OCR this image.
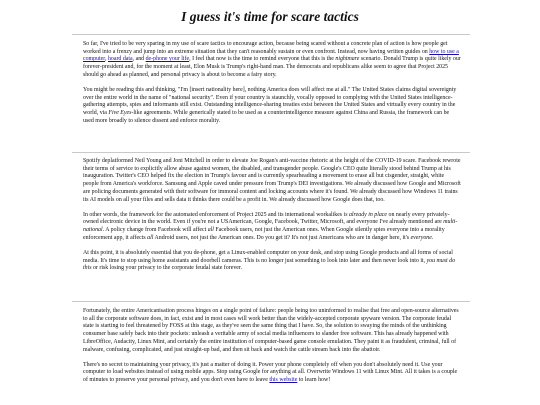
I guess it's time for scare tactics

So far, I've tried to be very sparing in my use of scare tactics to encourage action, because being scared without a concrete plan of action is how people get worked into a frenzy and jump into an extreme situation that they can't reasonably sustain or even confront. Instead, now having written guides on how to use a computer, hoard data, and de-phone your life, I feel that now is the time to remind everyone that this is the nightmare scenario. Donald Trump is quite likely our forever-president and, for the moment at least, Elon Musk is Trump's right-hand man. The democrats and republicans alike seem to agree that Project 2025 should go ahead as planned, and personal privacy is about to become a fairy story.

You might be reading this and thinking, "I'm [insert nationality here], nothing America does will affect me at all." The United States claims digital sovereignty over the entire world in the name of "national security". Even if your country is staunchly, vocally opposed to complying with the United States intelligence-gathering attempts, spies and informants still exist. Outstanding intelligence-sharing treaties exist between the United States and virtually every country in the world, via Five Eyes-like agreements. While generically stated to be used as a counterintelligence measure against China and Russia, the framework can be used more broadly to silence dissent and enforce morality.

Spotify deplatformed Neil Young and Joni Mitchell in order to elevate Joe Rogan's anti-vaccine rhetoric at the height of the COVID-19 scare. Facebook rewrote their terms of service to explicitly allow abuse against women, the disabled, and transgender people. Google's CEO quite literally stood behind Trump at his inauguration. Twitter's CEO helped fix the election in Trump's favour and is currently spearheading a movement to erase all but cisgender, straight, white people from America's workforce. Samsung and Apple caved under pressure from Trump's DEI investigations. We already discussed how Google and Microsoft are policing documents generated with their software for immoral content and locking accounts where it's found. We already discussed how Windows 11 trains its AI models on all your files and sells data it thinks there could be a profit in. We already discussed how Google does that, too.

In other words, the framework for the automated enforcement of Project 2025 and its international workalikes is already in place on nearly every privately-owned electronic device in the world. Even if you're not a USAmerican, Google, Facebook, Twitter, Microsoft, and everyone I've already mentioned are multi-national. A policy change from Facebook will affect all Facebook users, not just the American ones. When Google silently spies everyone into a morality enforcement app, it affects all Android users, not just the American ones. Do you get it? It's not just Americans who are in danger here, it's everyone.

At this point, it is absolutely essential that you de-phone, get a Linux-enabled computer on your desk, and stop using Google products and all forms of social media. It's time to stop using home assistants and doorbell cameras. This is no longer just something to look into later and then never look into it, you must do this or risk losing your privacy to the corporate feudal state forever.

Fortunately, the entire Americanisation process hinges on a single point of failure: people being too uninformed to realise that free and open-source alternatives to all the corporate software does, in fact, exist and in most cases will work better than the widely-accepted corporate spyware version. The corporate feudal state is starting to feel threatened by FOSS at this stage, as they've seen the same thing that I have. So, the solution to swaying the minds of the unthinking consumer base safely back into their pockets: unleash a veritable army of social media influencers to slander free software. This has already happened with LibreOffice, Audacity, Linux Mint, and certainly the entire institution of computer-based game console emulation. They paint it as fraudulent, criminal, full of malware, confusing, complicated, and just straight-up bad, and then sit back and watch the cattle stream back into the abattoir.

There's no secret to maintaining your privacy, it's just a matter of doing it. Power your phone completely off when you don't absolutely need it. Use your computer to load websites instead of using mobile apps. Stop using Google for anything at all. Overwrite Windows 11 with Linux Mint. All it takes is a couple of minutes to preserve your personal privacy, and you don't even have to leave this website to learn how!
